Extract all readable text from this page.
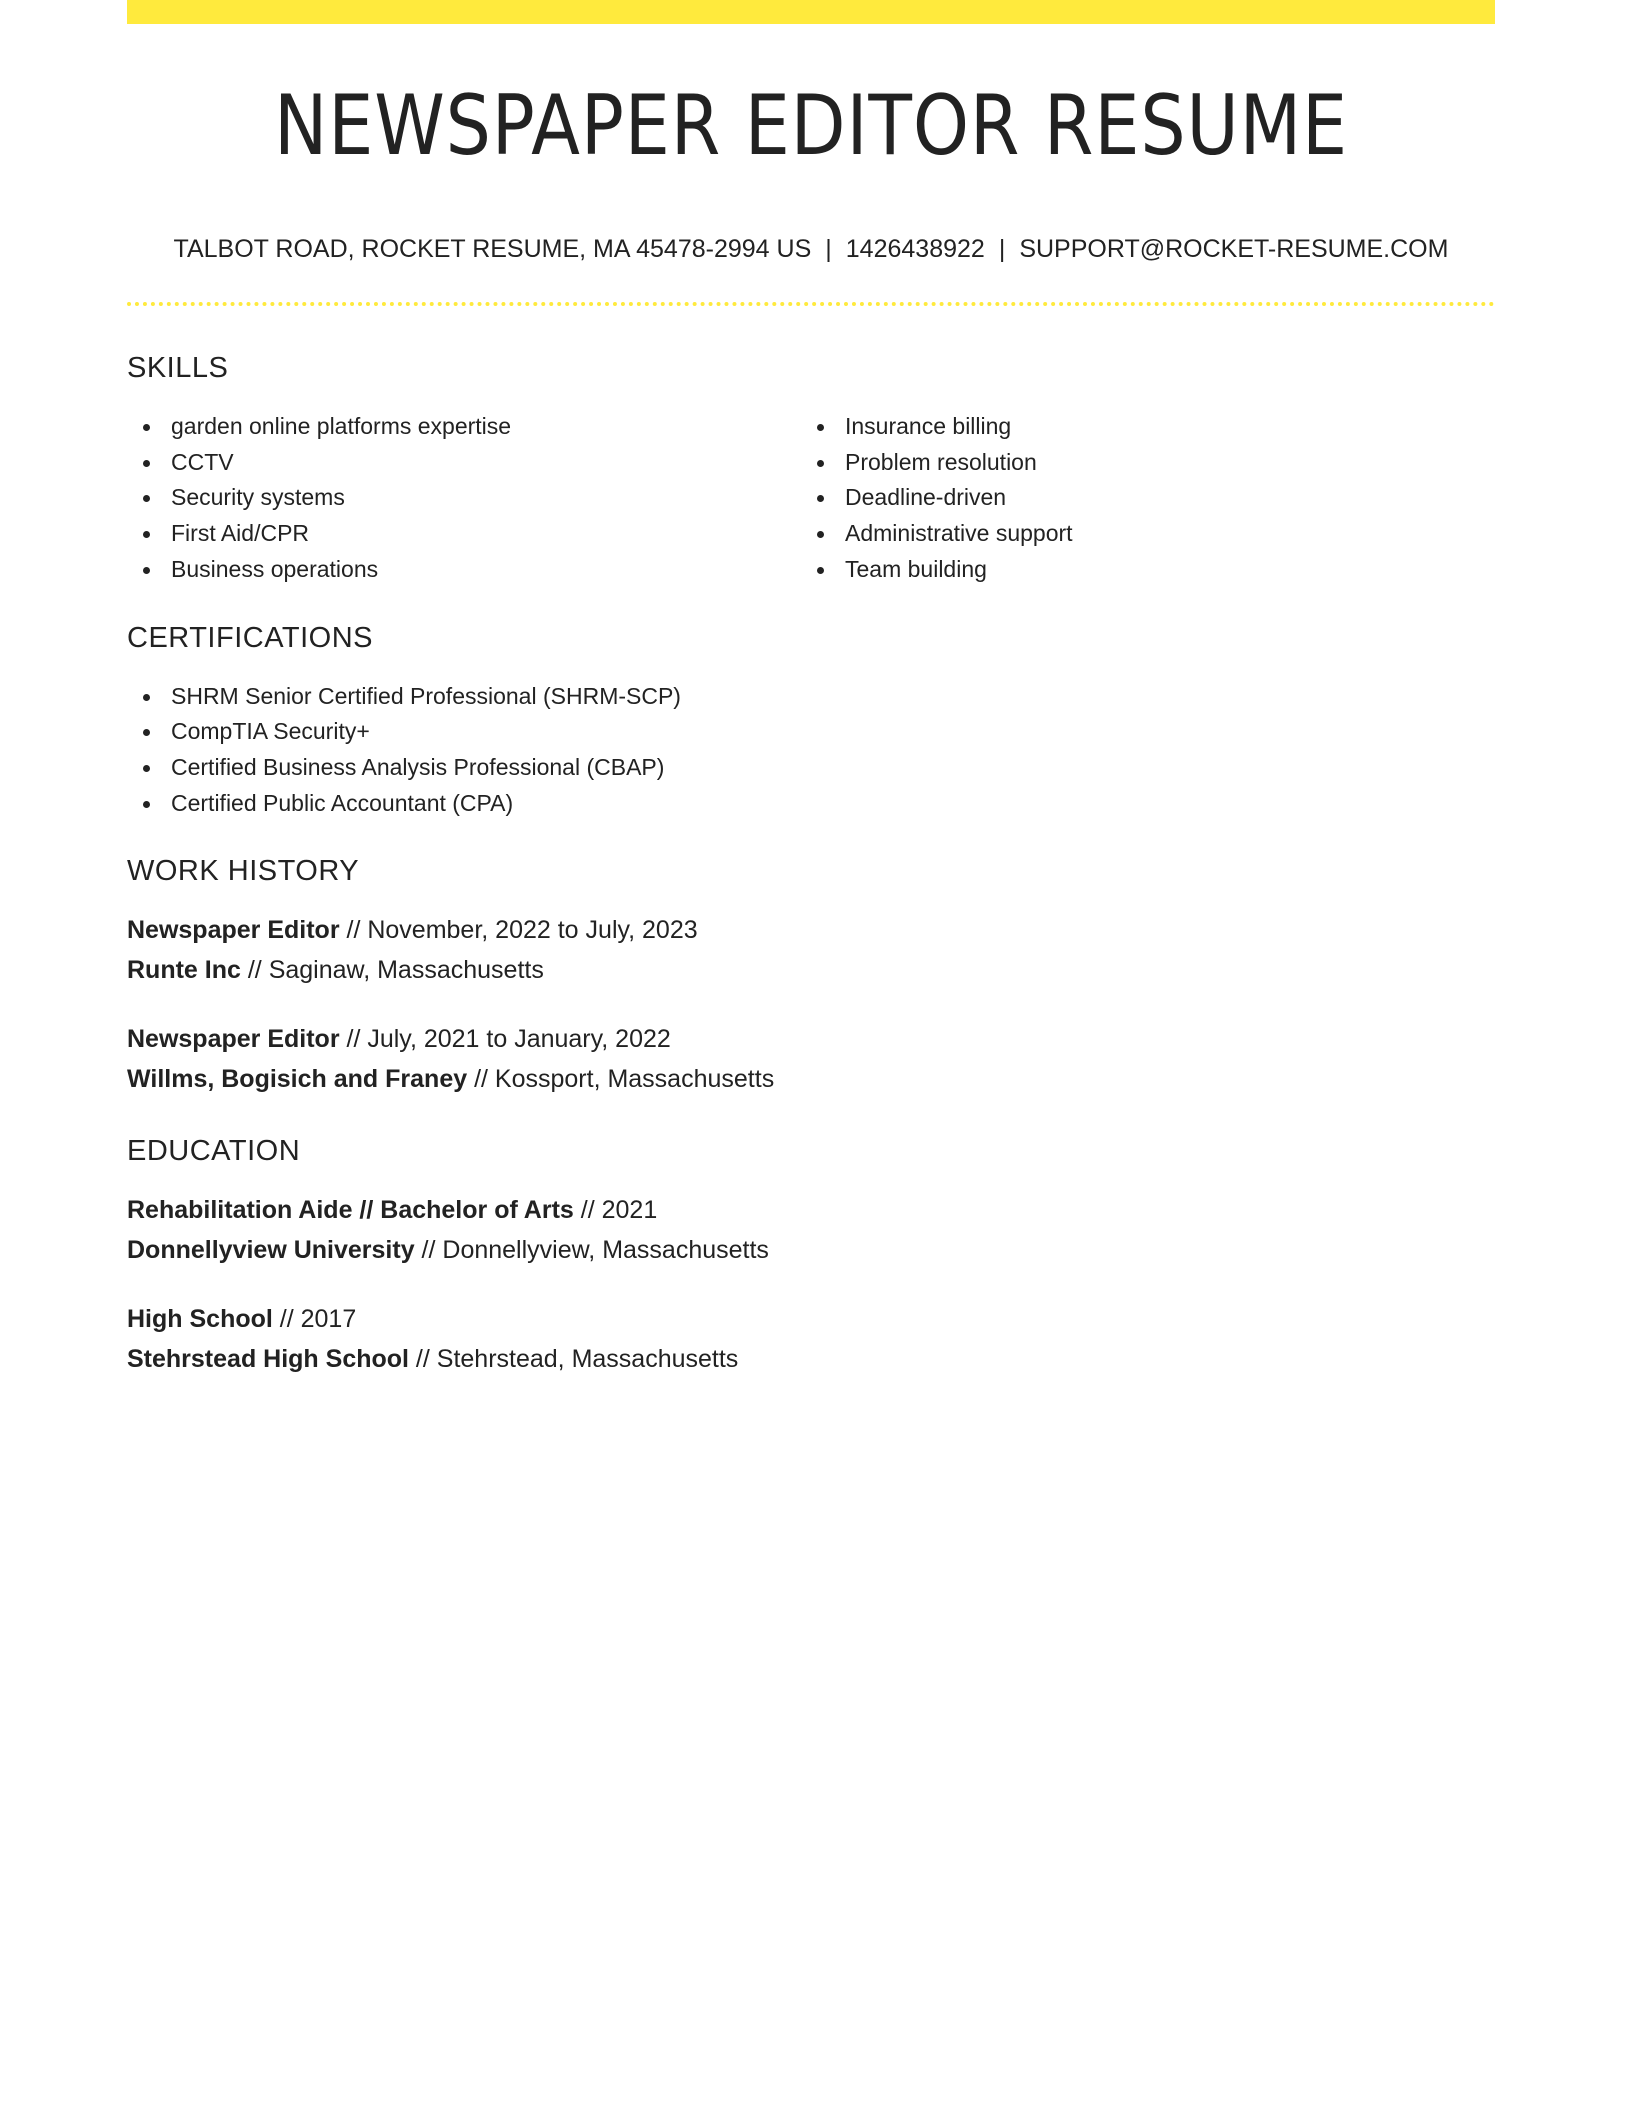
NEWSPAPER EDITOR RESUME
TALBOT ROAD, ROCKET RESUME, MA 45478-2994 US | 1426438922 | SUPPORT@ROCKET-RESUME.COM
SKILLS
garden online platforms expertise
CCTV
Security systems
First Aid/CPR
Business operations
Insurance billing
Problem resolution
Deadline-driven
Administrative support
Team building
CERTIFICATIONS
SHRM Senior Certified Professional (SHRM-SCP)
CompTIA Security+
Certified Business Analysis Professional (CBAP)
Certified Public Accountant (CPA)
WORK HISTORY
Newspaper Editor // November, 2022 to July, 2023
Runte Inc // Saginaw, Massachusetts
Newspaper Editor // July, 2021 to January, 2022
Willms, Bogisich and Franey // Kossport, Massachusetts
EDUCATION
Rehabilitation Aide // Bachelor of Arts // 2021
Donnellyview University // Donnellyview, Massachusetts
High School // 2017
Stehrstead High School // Stehrstead, Massachusetts
